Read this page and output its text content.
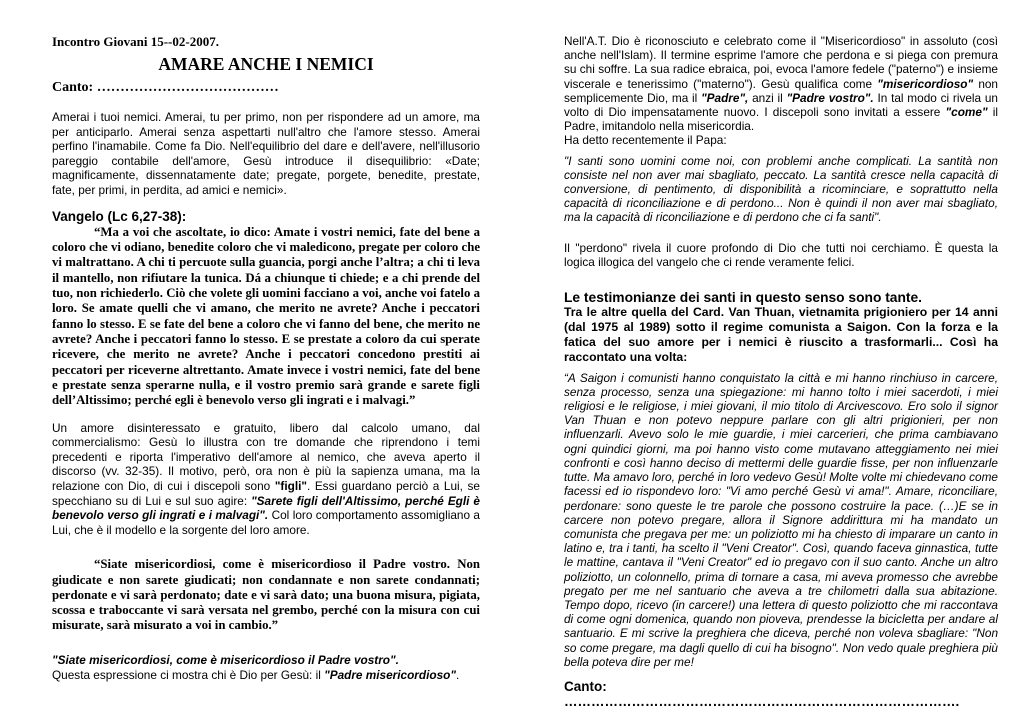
Incontro Giovani 15--02-2007.

AMARE ANCHE I NEMICI

Canto: …………………………………

Amerai i tuoi nemici. Amerai, tu per primo, non per rispondere ad un amore, ma per anticiparlo. Amerai senza aspettarti null'altro che l'amore stesso. Amerai perfino l'inamabile. Come fa Dio. Nell'equilibrio del dare e dell'avere, nell'illusorio pareggio contabile dell'amore, Gesù introduce il disequilibrio: «Date; magnificamente, dissennatamente date; pregate, porgete, benedite, prestate, fate, per primi, in perdita, ad amici e nemici».

Vangelo (Lc 6,27-38):

“Ma a voi che ascoltate, io dico: Amate i vostri nemici, fate del bene a coloro che vi odiano, benedite coloro che vi maledicono, pregate per coloro che vi maltrattano. A chi ti percuote sulla guancia, porgi anche l’altra; a chi ti leva il mantello, non rifiutare la tunica. Dá a chiunque ti chiede; e a chi prende del tuo, non richiederlo. Ciò che volete gli uomini facciano a voi, anche voi fatelo a loro. Se amate quelli che vi amano, che merito ne avrete? Anche i peccatori fanno lo stesso. E se fate del bene a coloro che vi fanno del bene, che merito ne avrete? Anche i peccatori fanno lo stesso. E se prestate a coloro da cui sperate ricevere, che merito ne avrete? Anche i peccatori concedono prestiti ai peccatori per riceverne altrettanto. Amate invece i vostri nemici, fate del bene e prestate senza sperarne nulla, e il vostro premio sarà grande e sarete figli dell’Altissimo; perché egli è benevolo verso gli ingrati e i malvagi.”

Un amore disinteressato e gratuito, libero dal calcolo umano, dal commercialismo: Gesù lo illustra con tre domande che riprendono i temi precedenti e riporta l'imperativo dell'amore al nemico, che aveva aperto il discorso (vv. 32-35). Il motivo, però, ora non è più la sapienza umana, ma la relazione con Dio, di cui i discepoli sono "figli". Essi guardano perciò a Lui, se specchiano su di Lui e sul suo agire: "Sarete figli dell'Altissimo, perché Egli è benevolo verso gli ingrati e i malvagi". Col loro comportamento assomigliano a Lui, che è il modello e la sorgente del loro amore.

“Siate misericordiosi, come è misericordioso il Padre vostro. Non giudicate e non sarete giudicati; non condannate e non sarete condannati; perdonate e vi sarà perdonato; date e vi sarà dato; una buona misura, pigiata, scossa e traboccante vi sarà versata nel grembo, perché con la misura con cui misurate, sarà misurato a voi in cambio.”

"Siate misericordiosi, come è misericordioso il Padre vostro".
Questa espressione ci mostra chi è Dio per Gesù: il "Padre misericordioso".

Nell'A.T. Dio è riconosciuto e celebrato come il "Misericordioso" in assoluto (così anche nell'Islam). Il termine esprime l'amore che perdona e si piega con premura su chi soffre. La sua radice ebraica, poi, evoca l'amore fedele ("paterno") e insieme viscerale e tenerissimo ("materno"). Gesù qualifica come "misericordioso" non semplicemente Dio, ma il "Padre", anzi il "Padre vostro". In tal modo ci rivela un volto di Dio impensatamente nuovo. I discepoli sono invitati a essere "come" il Padre, imitandolo nella misericordia.
Ha detto recentemente il Papa:

"I santi sono uomini come noi, con problemi anche complicati. La santità non consiste nel non aver mai sbagliato, peccato. La santità cresce nella capacità di conversione, di pentimento, di disponibilità a ricominciare, e soprattutto nella capacità di riconciliazione e di perdono... Non è quindi il non aver mai sbagliato, ma la capacità di riconciliazione e di perdono che ci fa santi".

Il "perdono" rivela il cuore profondo di Dio che tutti noi cerchiamo. È questa la logica illogica del vangelo che ci rende veramente felici.

Le testimonianze dei santi in questo senso sono tante.

Tra le altre quella del Card. Van Thuan, vietnamita prigioniero per 14 anni (dal 1975 al 1989) sotto il regime comunista a Saigon. Con la forza e la fatica del suo amore per i nemici è riuscito a trasformarli... Così ha raccontato una volta:

“A Saigon i comunisti hanno conquistato la città e mi hanno rinchiuso in carcere, senza processo, senza una spiegazione: mi hanno tolto i miei sacerdoti, i miei religiosi e le religiose, i miei giovani, il mio titolo di Arcivescovo. Ero solo il signor Van Thuan e non potevo neppure parlare con gli altri prigionieri, per non influenzarli. Avevo solo le mie guardie, i miei carcerieri, che prima cambiavano ogni quindici giorni, ma poi hanno visto come mutavano atteggiamento nei miei confronti e così hanno deciso di mettermi delle guardie fisse, per non influenzarle tutte. Ma amavo loro, perché in loro vedevo Gesù! Molte volte mi chiedevano come facessi ed io rispondevo loro: "Vi amo perché Gesù vi ama!". Amare, riconciliare, perdonare: sono queste le tre parole che possono costruire la pace. (…)E se in carcere non potevo pregare, allora il Signore addirittura mi ha mandato un comunista che pregava per me: un poliziotto mi ha chiesto di imparare un canto in latino e, tra i tanti, ha scelto il "Veni Creator". Così, quando faceva ginnastica, tutte le mattine, cantava il "Veni Creator" ed io pregavo con il suo canto. Anche un altro poliziotto, un colonnello, prima di tornare a casa, mi aveva promesso che avrebbe pregato per me nel santuario che aveva a tre chilometri dalla sua abitazione. Tempo dopo, ricevo (in carcere!) una lettera di questo poliziotto che mi raccontava di come ogni domenica, quando non pioveva, prendesse la bicicletta per andare al santuario. E mi scrive la preghiera che diceva, perché non voleva sbagliare: "Non so come pregare, ma dagli quello di cui ha bisogno". Non vedo quale preghiera più bella poteva dire per me!

Canto: …………………………………………………………………………….
